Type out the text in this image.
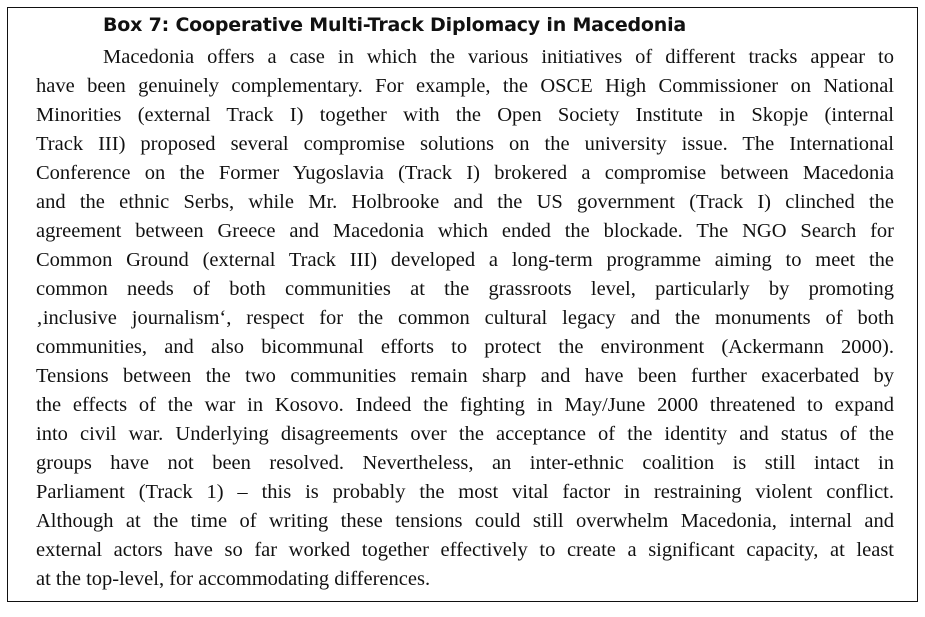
Box 7: Cooperative Multi-Track Diplomacy in Macedonia

Macedonia offers a case in which the various initiatives of different tracks appear to

have been genuinely complementary. For example, the OSCE High Commissioner on National

Minorities (external Track I) together with the Open Society Institute in Skopje (internal

Track III) proposed several compromise solutions on the university issue. The International

Conference on the Former Yugoslavia (Track I) brokered a compromise between Macedonia

and the ethnic Serbs, while Mr. Holbrooke and the US government (Track I) clinched the

agreement between Greece and Macedonia which ended the blockade. The NGO Search for

Common Ground (external Track III) developed a long-term programme aiming to meet the

common needs of both communities at the grassroots level, particularly by promoting

‚inclusive journalism‘, respect for the common cultural legacy and the monuments of both

communities, and also bicommunal efforts to protect the environment (Ackermann 2000).

Tensions between the two communities remain sharp and have been further exacerbated by

the effects of the war in Kosovo. Indeed the fighting in May/June 2000 threatened to expand

into civil war. Underlying disagreements over the acceptance of the identity and status of the

groups have not been resolved. Nevertheless, an inter-ethnic coalition is still intact in

Parliament (Track 1) – this is probably the most vital factor in restraining violent conflict.

Although at the time of writing these tensions could still overwhelm Macedonia, internal and

external actors have so far worked together effectively to create a significant capacity, at least

at the top-level, for accommodating differences.
